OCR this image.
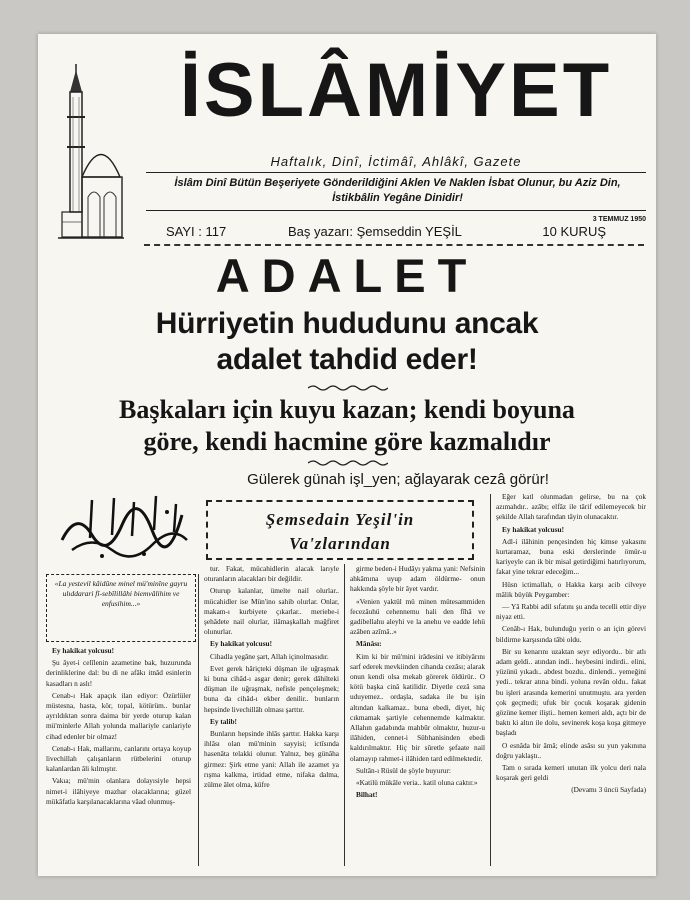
İSLÂMİYET
Haftalık, Dinî, İctimâî, Ahlâkî, Gazete
İslâm Dinî Bütün Beşeriyete Gönderildiğini Aklen Ve Naklen İsbat Olunur, bu Aziz Din, İstikbâlin Yegâne Dinidir!
SAYI : 117	Baş yazarı: Şemseddin YEŞİL
3 TEMMUZ 1950
10 KURUŞ
ADALET
Hürriyetin hududunu ancak
adalet tahdid eder!
Başkaları için kuyu kazan; kendi boyuna
göre, kendi hacmine göre kazmalıdır
Gülerek günah işl_yen; ağlayarak cezâ görür!
«La yestevil kâidûne minel mü'minîne gayru ulıddarari fî-sebîlillâhi biemvâlihim ve enfusihim...»
Şemsedain Yeşil'in
Va'zlarından

Ey hakikat yolcusu!

Şu âyet-i celîlenin azametine bak, huzurunda derinliklerine dal: bu di ne afâkı itnâd esinlerin kasadları n aslı!

Cenab-ı Hak apaçık ilan ediyor: Özürlüler müstesna, hasta, kör, topal, kötürüm.. bunlar ayrıldıktan sonra daima bir yerde oturup kalan mü'minlerle Allah yolunda mallariyle canlariyle cihad edenler bir olmaz!

Cenab-ı Hak, mallarını, canlarını ortaya koyup livechillah çalışanların rütbelerini oturup kalanlardan âli kılmıştır.

Vakıa; mü'min olanlara dolayısiyle hepsi nimet-i ilâhiyeye mazhar olacaklarına; güzel mükâfatla karşılanacaklarına vâad olunmuş-

tur. Fakat, mücahidlerin alacak larıyle oturanların alacakları bir değildir.

Oturup kalanlar, ümelte nail olurlar.. mücahidler ise Mün'ino sahib olurlar. Onlar, makam-ı kurbiyete çıkarlar.. meriebe-i şehâdete nail olurlar, ilâmaşkallah mağfiret olunurlar.

Ey hakikat yolcusu!

Cihadla yegâne şart, Allah içinolmasıdır.

Evet gerek hâriçteki düşman ile uğraşmak ki buna cihâd-ı asgar denir; gerek dâhilteki düşman ile uğraşmak, nefisle pençeleşmek; buna da cihâd-ı ekber denilir.. bunların hepsinde livechillâh olması şarttır.

Ey talib!

Bunların hepsinde ihlâs şarttır. Hakka karşı ihlâsı olan mü'minin sayyisi; ictîsında hasenâta telakki olunur. Yalnız, beş günâha girmez: Şirk etme yani: Allah ile azamet ya rışma kalkma, irtidad etme, nifaka dalma, zülme âlet olma, küfre

girme beden-i Hudâyı yakma yani: Nefsinin ahkâmına uyup adam öldürme- onun hakkında şöyle bir âyet vardır.

«Venien yaktül mü minen mütesammiden fecezâuhü cehennemu hali den fîhâ ve gadibellahu aleyhi ve la anehu ve eadde lehü azâben azîmâ..»

Mânâsı:

Kim ki bir mü'mini irâdesini ve itibiyârını sarf ederek mevkiinden cihanda cezâsı; alarak onun kendi olsa mekab görerek öldürür.. O kötü başka cinâ katilidir. Diyetle cezâ sına uduyemez.. ordaşla, sadaka ile bu işin altından kalkamaz.. buna ebedi, diyet, hiç cıkmamak şartiyle cehennemde kalmaktır. Allahın gadabında mahbûr olmaktır, huzur-u ilâhiden, cennet-i Sübhanisinden ebedi kaldırılmaktır. Hiç bir sûretle şefaate nail olamayıp rahmet-i ilâhiden tard edilmektedir.

Sultân-ı Rüsül de şöyle buyurur:

«Katilü mükâle veria.. katil oluna caktır.»

Bilhat!

Eğer katl olunmadan gelirse, bu na çok azımahdır.. azâbı; elfâz ile târif edilemeyecek bir şekilde Allah tarafından tâyin olunacaktır.

Ey hakikat yolcusu!

Adl-i ilâhinin pençesinden hiç kimse yakasını kurtaramaz, buna eski derslerinde ömür-u kariyeyle can ik bir misal getirdiğimi hatırlıyorum, fakat yine tekrar edeceğim...

Hüsn ictimallah, o Hakka karşı acib cilveye mâlik büyük Peygamber:

— Yâ Rabbi adil sıfatını şu anda tecelli ettir diye niyaz etti.

Cenâb-ı Hak, bulunduğu yerin o an için görevi bildirme karşısında tâbi oldu.

Bir su kenarını uzaktan seyr ediyordu.. bir atlı adam geldi.. atından indi.. heybesini indirdi.. elini, yüzünü yıkadı.. abdest bozdu.. dinlendi.. yemeğini yedi.. tekrar atına bindi. yoluna revân oldu.. fakat bu işleri arasında kemerini unutmuştu. ara yerden çok geçmedi; ufuk bir çocuk koşarak gidenin gözüne kemer ilişti.. hemen kemeri aldı, açtı bir de baktı ki altın ile dolu, sevinerek koşa koşa gitmeye başladı

O esnâda bir âmâ; elinde asâsı su yun yakınına doğru yaklaştı..

Tam o sırada kemeri unutan ilk yolcu deri nala koşarak geri geldi

(Devamı 3 üncü Sayfada)
